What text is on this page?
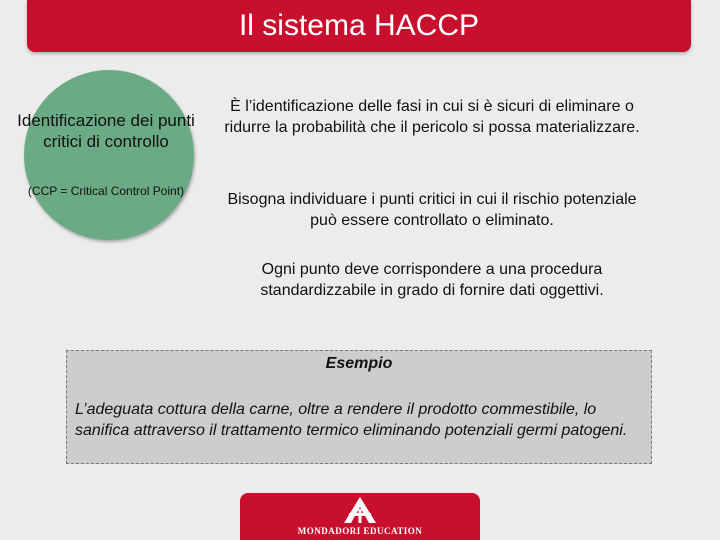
Il sistema HACCP
Identificazione dei punti critici di controllo
(CCP = Critical Control Point)
È l’identificazione delle fasi in cui si è sicuri di eliminare o ridurre la probabilità che il pericolo si possa materializzare.
Bisogna individuare i punti critici in cui il rischio potenziale può essere controllato o eliminato.
Ogni punto deve corrispondere a una procedura standardizzabile in grado di fornire dati oggettivi.
Esempio
L’adeguata cottura della carne, oltre a rendere il prodotto commestibile, lo sanifica attraverso il trattamento termico eliminando potenziali germi patogeni.
MONDADORI EDUCATION
